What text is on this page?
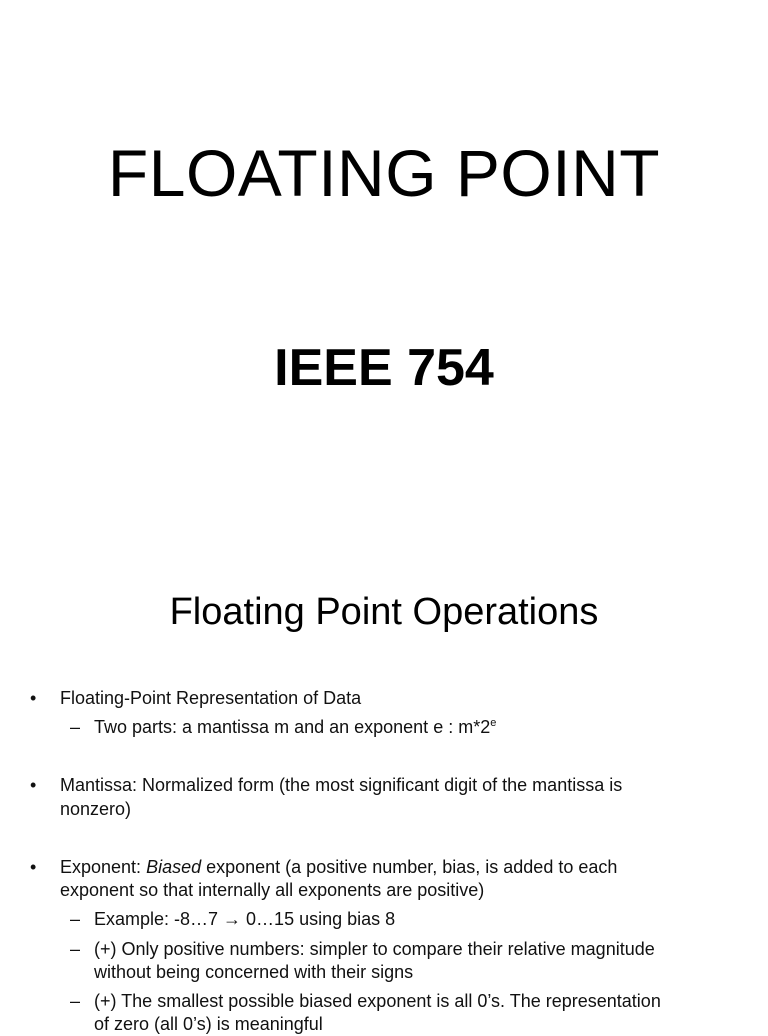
FLOATING POINT
IEEE 754
Floating Point Operations
• Floating-Point Representation of Data
– Two parts: a mantissa m and an exponent e : m*2e
• Mantissa: Normalized form (the most significant digit of the mantissa is
nonzero)
• Exponent: Biased exponent (a positive number, bias, is added to each
exponent so that internally all exponents are positive)
– Example: -8…7 → 0…15 using bias 8
– (+) Only positive numbers: simpler to compare their relative magnitude
without being concerned with their signs
– (+) The smallest possible biased exponent is all 0’s. The representation
of zero (all 0’s) is meaningful
